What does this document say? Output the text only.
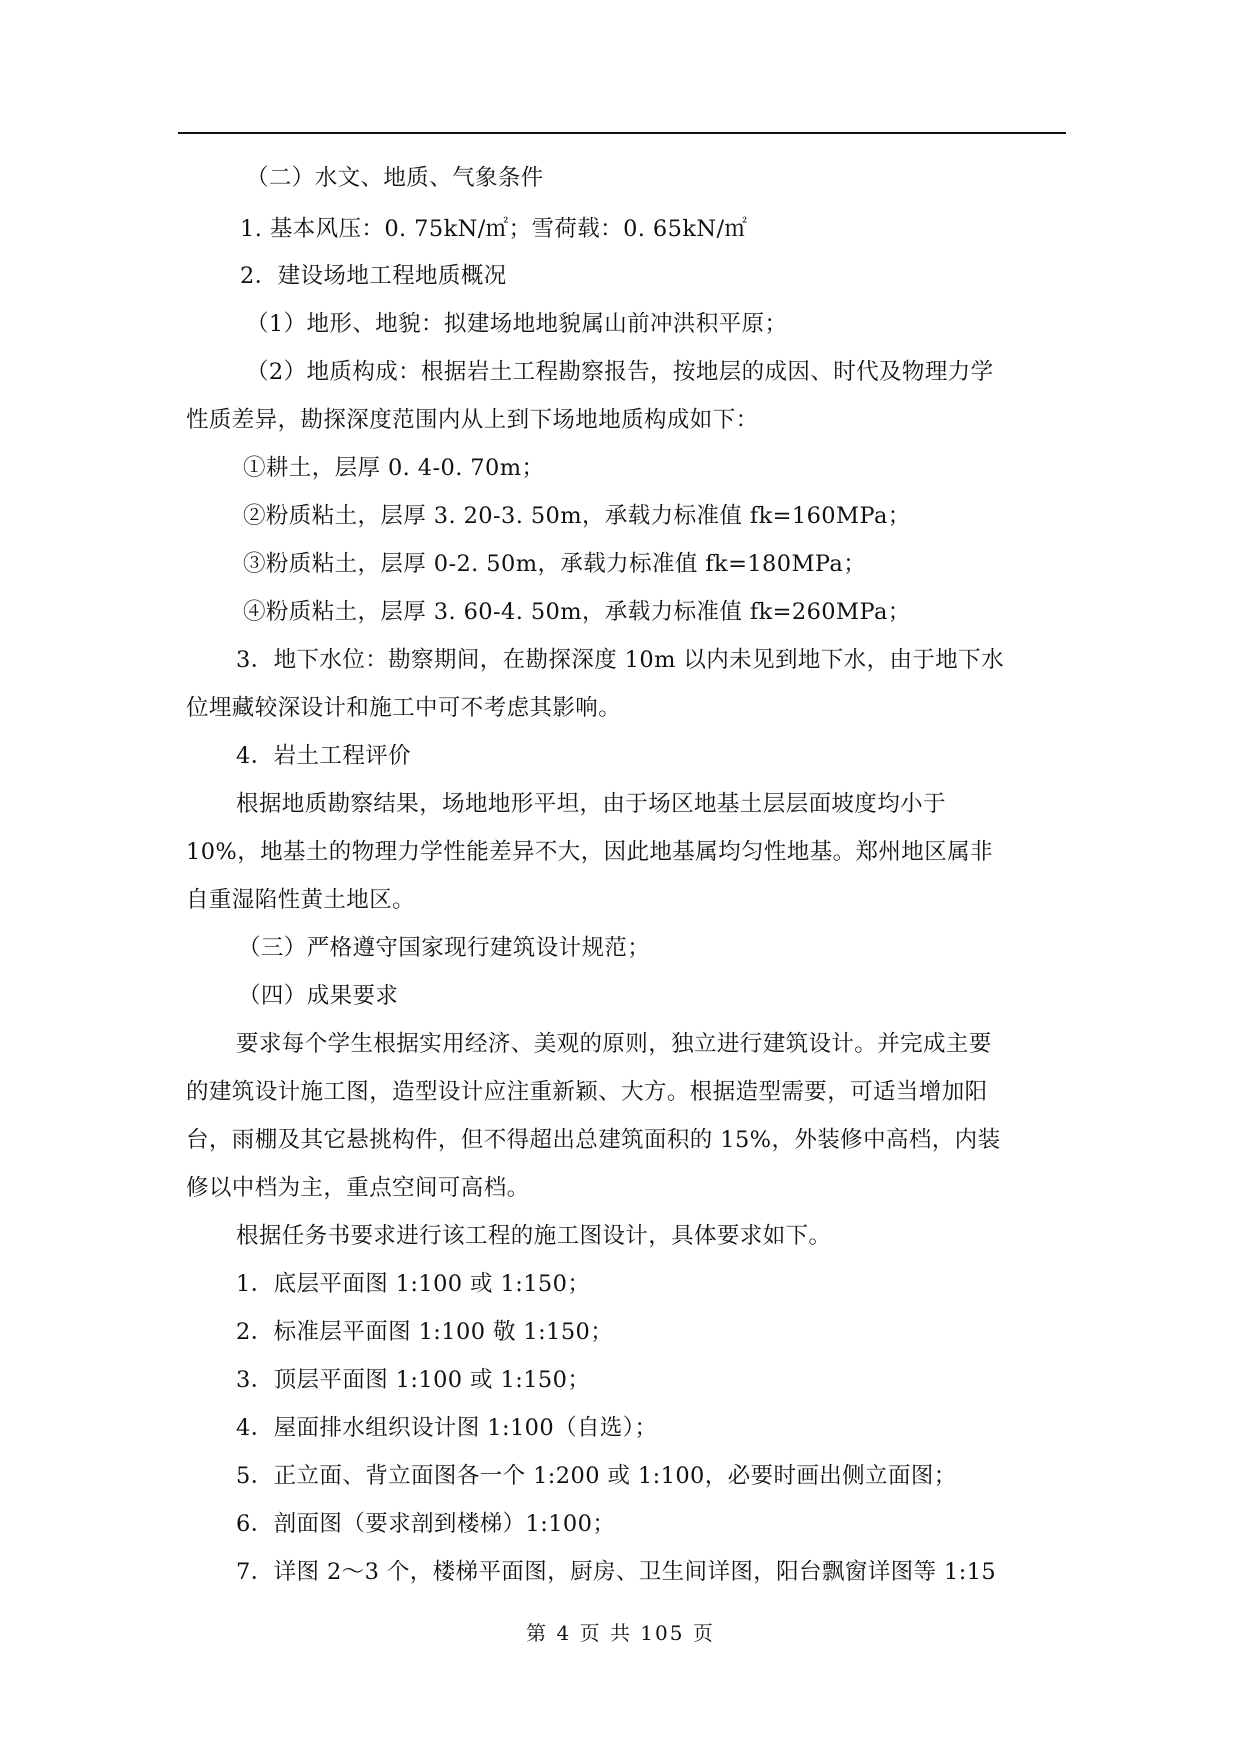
（二）水文、地质、气象条件
1. 基本风压：0. 75kN/㎡；雪荷载：0. 65kN/㎡
2．建设场地工程地质概况
（1）地形、地貌：拟建场地地貌属山前冲洪积平原；
（2）地质构成：根据岩土工程勘察报告，按地层的成因、时代及物理力学
性质差异，勘探深度范围内从上到下场地地质构成如下：
①耕土，层厚 0. 4-0. 70m；
②粉质粘土，层厚 3. 20-3. 50m，承载力标准值 fk=160MPa；
③粉质粘土，层厚 0-2. 50m，承载力标准值 fk=180MPa；
④粉质粘土，层厚 3. 60-4. 50m，承载力标准值 fk=260MPa；
3．地下水位：勘察期间，在勘探深度 10m 以内未见到地下水，由于地下水
位埋藏较深设计和施工中可不考虑其影响。
4．岩土工程评价
根据地质勘察结果，场地地形平坦，由于场区地基土层层面坡度均小于
10%，地基土的物理力学性能差异不大，因此地基属均匀性地基。郑州地区属非
自重湿陷性黄土地区。
（三）严格遵守国家现行建筑设计规范；
（四）成果要求
要求每个学生根据实用经济、美观的原则，独立进行建筑设计。并完成主要
的建筑设计施工图，造型设计应注重新颖、大方。根据造型需要，可适当增加阳
台，雨棚及其它悬挑构件，但不得超出总建筑面积的 15%，外装修中高档，内装
修以中档为主，重点空间可高档。
根据任务书要求进行该工程的施工图设计，具体要求如下。
1．底层平面图 1:100 或 1:150；
2．标准层平面图 1:100 敬 1:150；
3．顶层平面图 1:100 或 1:150；
4．屋面排水组织设计图 1:100（自选）；
5．正立面、背立面图各一个 1:200 或 1:100，必要时画出侧立面图；
6．剖面图（要求剖到楼梯）1:100；
7．详图 2～3 个，楼梯平面图，厨房、卫生间详图，阳台飘窗详图等 1:15
第 4 页 共 105 页
